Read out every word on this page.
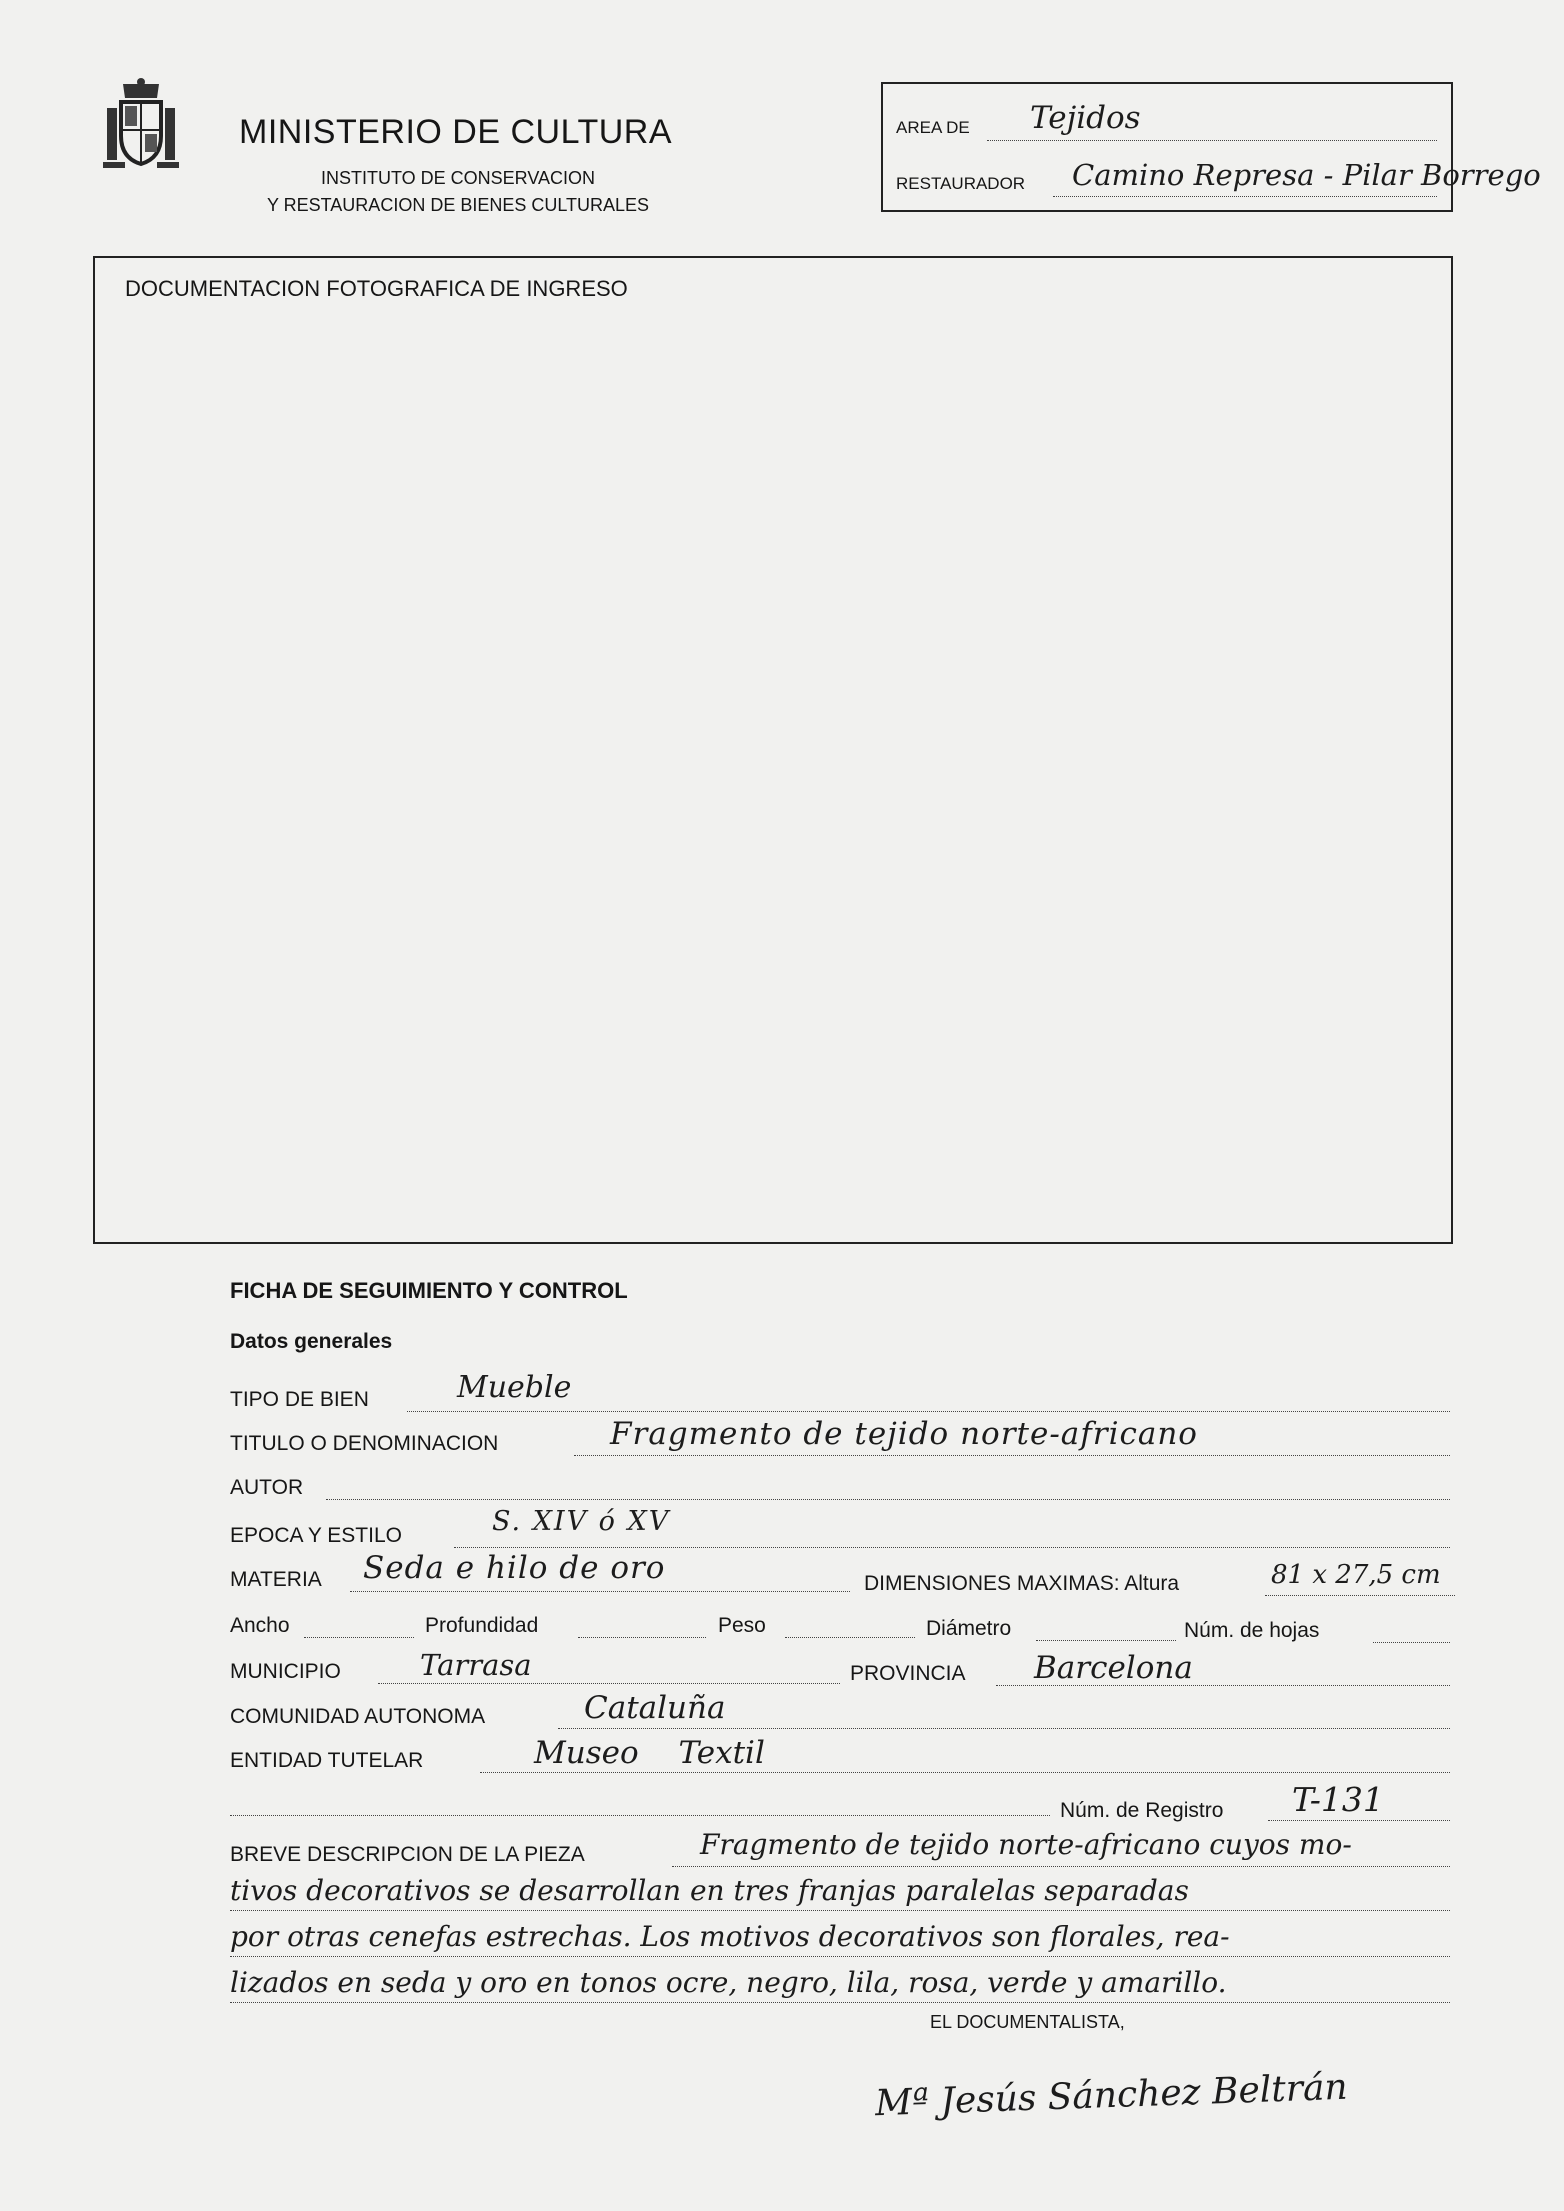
MINISTERIO DE CULTURA
INSTITUTO DE CONSERVACION
Y RESTAURACION DE BIENES CULTURALES
AREA DE Tejidos
RESTAURADOR Camino Represa - Pilar Borrego
DOCUMENTACION FOTOGRAFICA DE INGRESO
FICHA DE SEGUIMIENTO Y CONTROL
Datos generales
TIPO DE BIEN	Mueble
TITULO O DENOMINACION	Fragmento de tejido norte-africano
AUTOR
EPOCA Y ESTILO	S. XIV ó XV
MATERIA Seda e hilo de oro	DIMENSIONES MAXIMAS: Altura	81 x 27,5 cm
Ancho	Profundidad	Peso	Diámetro	Núm. de hojas
MUNICIPIO	Tarrasa	PROVINCIA Barcelona
COMUNIDAD AUTONOMA	Cataluña
ENTIDAD TUTELAR	Museo Textil
Núm. de Registro T-131
BREVE DESCRIPCION DE LA PIEZA	Fragmento de tejido norte-africano cuyos mo-
tivos decorativos se desarrollan en tres franjas paralelas separadas
por otras cenefas estrechas. Los motivos decorativos son florales, rea-
lizados en seda y oro en tonos ocre, negro, lila, rosa, verde y amarillo.
EL DOCUMENTALISTA,
Mª Jesús Sánchez Beltrán
